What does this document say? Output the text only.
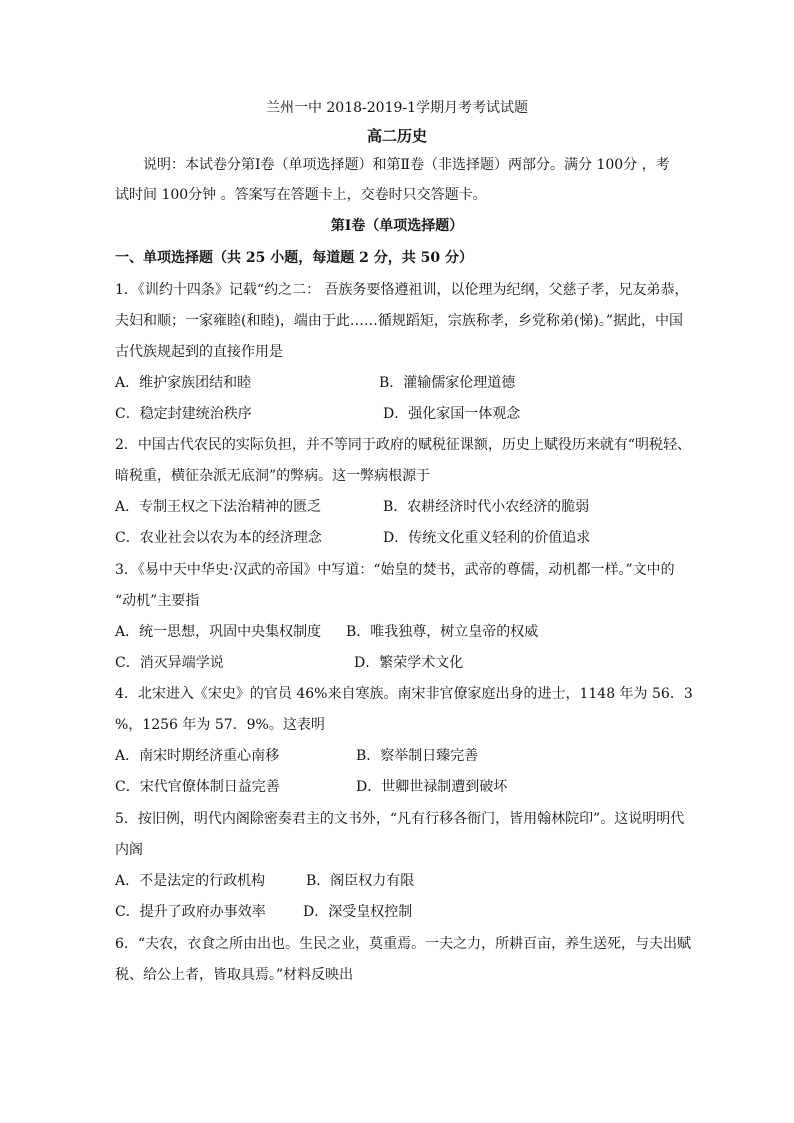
兰州一中 2018-2019-1学期月考考试试题
高二历史
说明：本试卷分第Ⅰ卷（单项选择题）和第Ⅱ卷（非选择题）两部分。满分 100分 ，考
试时间 100分钟 。答案写在答题卡上，交卷时只交答题卡。
第Ⅰ卷（单项选择题）
一、单项选择题（共 25 小题，每道题 2 分，共 50 分）
1．《训约十四条》记载“约之二： 吾族务要恪遵祖训，以伦理为纪纲，父慈子孝，兄友弟恭，
夫妇和顺；一家雍睦(和睦)，端由于此……循规蹈矩，宗族称孝，乡党称弟(悌)。”据此，中国
古代族规起到的直接作用是
A．维护家族团结和睦	B．灌输儒家伦理道德
C．稳定封建统治秩序	D．强化家国一体观念
2．中国古代农民的实际负担，并不等同于政府的赋税征课额，历史上赋役历来就有“明税轻、
暗税重，横征杂派无底洞”的弊病。这一弊病根源于
A．专制王权之下法治精神的匮乏	B．农耕经济时代小农经济的脆弱
C．农业社会以农为本的经济理念	D．传统文化重义轻利的价值追求
3．《易中天中华史·汉武的帝国》中写道：“始皇的焚书，武帝的尊儒，动机都一样。”文中的
“动机”主要指
A．统一思想，巩固中央集权制度 B．唯我独尊，树立皇帝的权威
C．消灭异端学说	D．繁荣学术文化
4．北宋进入《宋史》的官员 46%来自寒族。南宋非官僚家庭出身的进士，1148 年为 56．3
%，1256 年为 57．9%。这表明
A．南宋时期经济重心南移	B．察举制日臻完善
C．宋代官僚体制日益完善	D．世卿世禄制遭到破坏
5．按旧例，明代内阁除密奏君主的文书外，“凡有行移各衙门，皆用翰林院印”。这说明明代
内阁
A．不是法定的行政机构	B．阁臣权力有限
C．提升了政府办事效率	D．深受皇权控制
6．“夫农，衣食之所由出也。生民之业，莫重焉。一夫之力，所耕百亩，养生送死，与夫出赋
税、给公上者，皆取具焉。”材料反映出
